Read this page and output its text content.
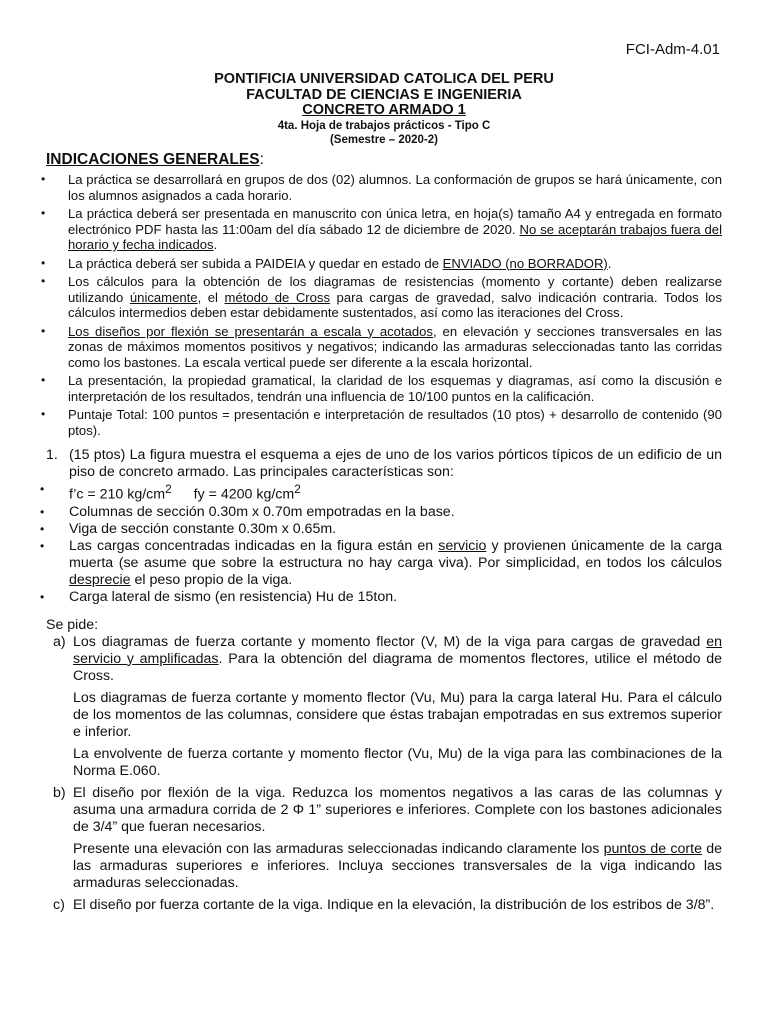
FCI-Adm-4.01
PONTIFICIA UNIVERSIDAD CATOLICA DEL PERU
FACULTAD DE CIENCIAS E INGENIERIA
CONCRETO ARMADO 1
4ta. Hoja de trabajos prácticos - Tipo C
(Semestre – 2020-2)
INDICACIONES GENERALES:
• La práctica se desarrollará en grupos de dos (02) alumnos. La conformación de grupos se hará únicamente, con los alumnos asignados a cada horario.
• La práctica deberá ser presentada en manuscrito con única letra, en hoja(s) tamaño A4 y entregada en formato electrónico PDF hasta las 11:00am del día sábado 12 de diciembre de 2020. No se aceptarán trabajos fuera del horario y fecha indicados.
• La práctica deberá ser subida a PAIDEIA y quedar en estado de ENVIADO (no BORRADOR).
• Los cálculos para la obtención de los diagramas de resistencias (momento y cortante) deben realizarse utilizando únicamente, el método de Cross para cargas de gravedad, salvo indicación contraria. Todos los cálculos intermedios deben estar debidamente sustentados, así como las iteraciones del Cross.
• Los diseños por flexión se presentarán a escala y acotados, en elevación y secciones transversales en las zonas de máximos momentos positivos y negativos; indicando las armaduras seleccionadas tanto las corridas como los bastones. La escala vertical puede ser diferente a la escala horizontal.
• La presentación, la propiedad gramatical, la claridad de los esquemas y diagramas, así como la discusión e interpretación de los resultados, tendrán una influencia de 10/100 puntos en la calificación.
• Puntaje Total: 100 puntos = presentación e interpretación de resultados (10 ptos) + desarrollo de contenido (90 ptos).
1. (15 ptos) La figura muestra el esquema a ejes de uno de los varios pórticos típicos de un edificio de un piso de concreto armado. Las principales características son:
• f’c = 210 $kg/cm^2$ fy = 4200 $kg/cm^2$
• Columnas de sección 0.30m x 0.70m empotradas en la base.
• Viga de sección constante 0.30m x 0.65m.
• Las cargas concentradas indicadas en la figura están en servicio y provienen únicamente de la carga muerta (se asume que sobre la estructura no hay carga viva). Por simplicidad, en todos los cálculos desprecie el peso propio de la viga.
• Carga lateral de sismo (en resistencia) Hu de 15ton.
Se pide:
a) Los diagramas de fuerza cortante y momento flector (V, M) de la viga para cargas de gravedad en servicio y amplificadas. Para la obtención del diagrama de momentos flectores, utilice el método de Cross.

Los diagramas de fuerza cortante y momento flector (Vu, Mu) para la carga lateral Hu. Para el cálculo de los momentos de las columnas, considere que éstas trabajan empotradas en sus extremos superior e inferior.

La envolvente de fuerza cortante y momento flector (Vu, Mu) de la viga para las combinaciones de la Norma E.060.

b) El diseño por flexión de la viga. Reduzca los momentos negativos a las caras de las columnas y asuma una armadura corrida de 2 Φ 1” superiores e inferiores. Complete con los bastones adicionales de 3/4” que fueran necesarios.

Presente una elevación con las armaduras seleccionadas indicando claramente los puntos de corte de las armaduras superiores e inferiores. Incluya secciones transversales de la viga indicando las armaduras seleccionadas.

c) El diseño por fuerza cortante de la viga. Indique en la elevación, la distribución de los estribos de 3/8”.
